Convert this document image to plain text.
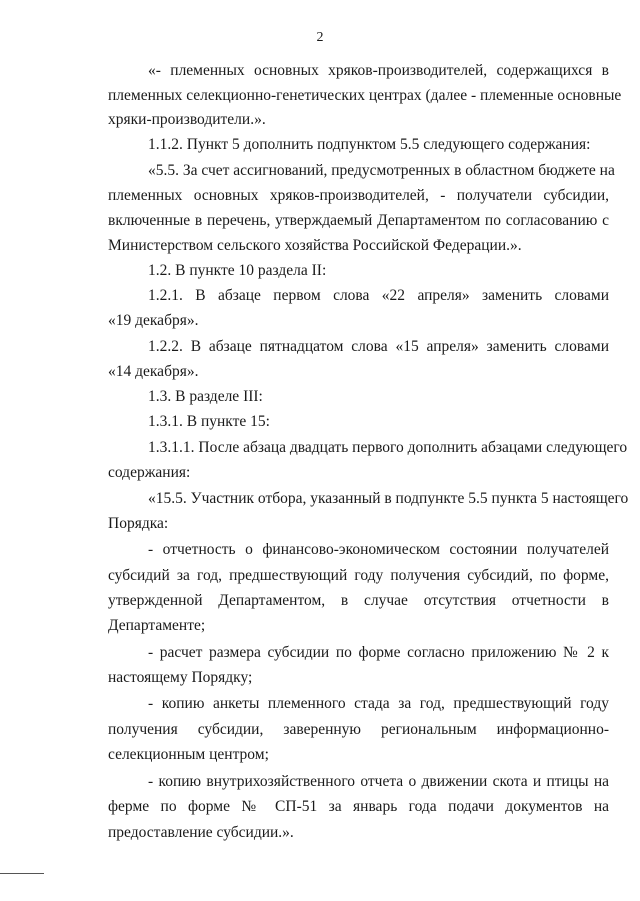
2
«- племенных основных хряков-производителей, содержащихся в
племенных селекционно-генетических центрах (далее - племенные основные
хряки-производители.».
1.1.2. Пункт 5 дополнить подпунктом 5.5 следующего содержания:
«5.5. За счет ассигнований, предусмотренных в областном бюджете на
племенных основных хряков-производителей, - получатели субсидии,
включенные в перечень, утверждаемый Департаментом по согласованию с
Министерством сельского хозяйства Российской Федерации.».
1.2. В пункте 10 раздела II:
1.2.1. В абзаце первом слова «22 апреля» заменить словами
«19 декабря».
1.2.2. В абзаце пятнадцатом слова «15 апреля» заменить словами
«14 декабря».
1.3. В разделе III:
1.3.1. В пункте 15:
1.3.1.1. После абзаца двадцать первого дополнить абзацами следующего
содержания:
«15.5. Участник отбора, указанный в подпункте 5.5 пункта 5 настоящего
Порядка:
- отчетность о финансово-экономическом состоянии получателей
субсидий за год, предшествующий году получения субсидий, по форме,
утвержденной Департаментом, в случае отсутствия отчетности в
Департаменте;
- расчет размера субсидии по форме согласно приложению № 2 к
настоящему Порядку;
- копию анкеты племенного стада за год, предшествующий году
получения субсидии, заверенную региональным информационно-
селекционным центром;
- копию внутрихозяйственного отчета о движении скота и птицы на
ферме по форме № СП-51 за январь года подачи документов на
предоставление субсидии.».
